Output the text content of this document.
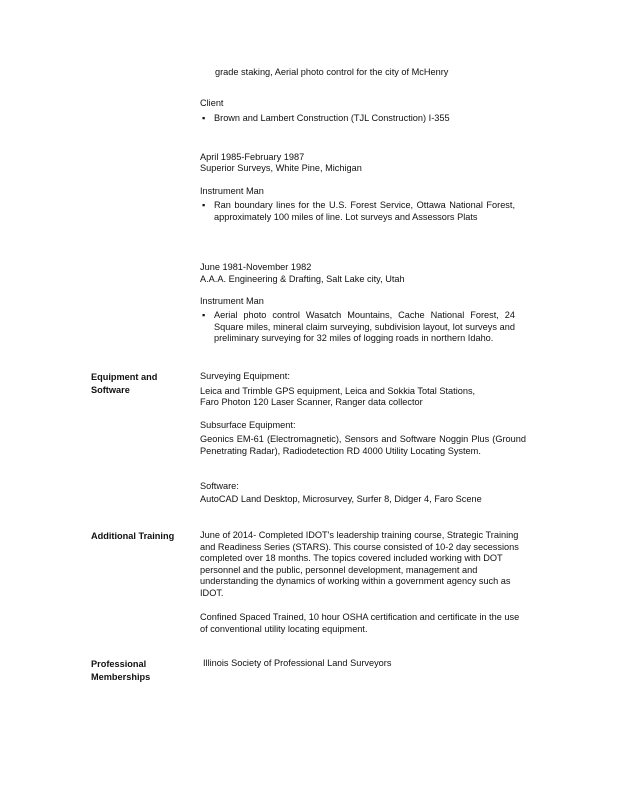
grade staking, Aerial photo control for the city of McHenry
Client
▪ Brown and Lambert Construction (TJL Construction) I-355
April 1985-February 1987
Superior Surveys, White Pine, Michigan
Instrument Man
▪ Ran boundary lines for the U.S. Forest Service, Ottawa National Forest, approximately 100 miles of line. Lot surveys and Assessors Plats
June 1981-November 1982
A.A.A. Engineering & Drafting, Salt Lake city, Utah
Instrument Man
▪ Aerial photo control Wasatch Mountains, Cache National Forest, 24 Square miles, mineral claim surveying, subdivision layout, lot surveys and preliminary surveying for 32 miles of logging roads in northern Idaho.
Equipment and
Software
Surveying Equipment:
Leica and Trimble GPS equipment, Leica and Sokkia Total Stations,
Faro Photon 120 Laser Scanner, Ranger data collector
Subsurface Equipment:
Geonics EM-61 (Electromagnetic), Sensors and Software Noggin Plus (Ground Penetrating Radar), Radiodetection RD 4000 Utility Locating System.
Software:
AutoCAD Land Desktop, Microsurvey, Surfer 8, Didger 4, Faro Scene
Additional Training	June of 2014- Completed IDOT's leadership training course, Strategic Training and Readiness Series (STARS). This course consisted of 10-2 day secessions completed over 18 months. The topics covered included working with DOT personnel and the public, personnel development, management and understanding the dynamics of working within a government agency such as IDOT.
Confined Spaced Trained, 10 hour OSHA certification and certificate in the use of conventional utility locating equipment.
Professional
Memberships
Illinois Society of Professional Land Surveyors
